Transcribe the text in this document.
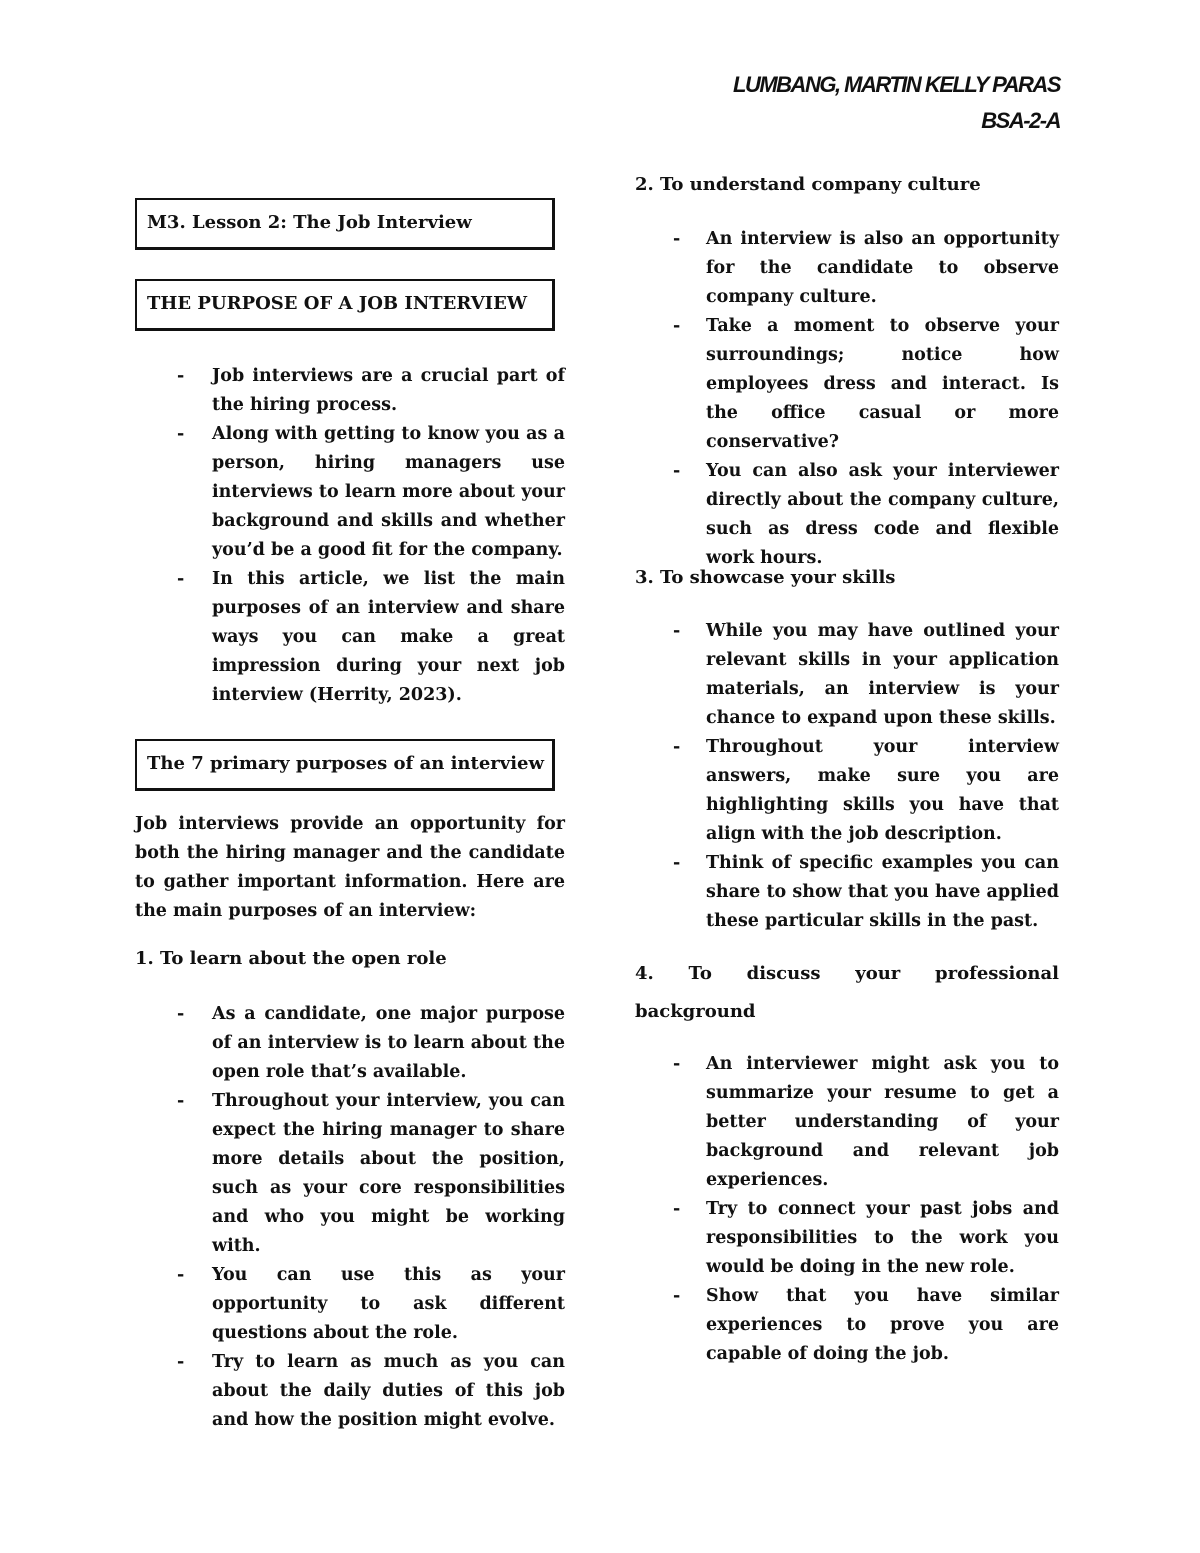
LUMBANG, MARTIN KELLY PARAS
BSA-2-A
M3. Lesson 2: The Job Interview
THE PURPOSE OF A JOB INTERVIEW
- Job interviews are a crucial part of the hiring process.
- Along with getting to know you as a person, hiring managers use interviews to learn more about your background and skills and whether you’d be a good fit for the company.
- In this article, we list the main purposes of an interview and share ways you can make a great impression during your next job interview (Herrity, 2023).
The 7 primary purposes of an interview
Job interviews provide an opportunity for both the hiring manager and the candidate to gather important information. Here are the main purposes of an interview:
1. To learn about the open role
- As a candidate, one major purpose of an interview is to learn about the open role that’s available.
- Throughout your interview, you can expect the hiring manager to share more details about the position, such as your core responsibilities and who you might be working with.
- You can use this as your opportunity to ask different questions about the role.
- Try to learn as much as you can about the daily duties of this job and how the position might evolve.
2. To understand company culture
- An interview is also an opportunity for the candidate to observe company culture.
- Take a moment to observe your surroundings; notice how employees dress and interact. Is the office casual or more conservative?
- You can also ask your interviewer directly about the company culture, such as dress code and flexible work hours.
3. To showcase your skills
- While you may have outlined your relevant skills in your application materials, an interview is your chance to expand upon these skills.
- Throughout your interview answers, make sure you are highlighting skills you have that align with the job description.
- Think of specific examples you can share to show that you have applied these particular skills in the past.
4. To discuss your professional background
- An interviewer might ask you to summarize your resume to get a better understanding of your background and relevant job experiences.
- Try to connect your past jobs and responsibilities to the work you would be doing in the new role.
- Show that you have similar experiences to prove you are capable of doing the job.
